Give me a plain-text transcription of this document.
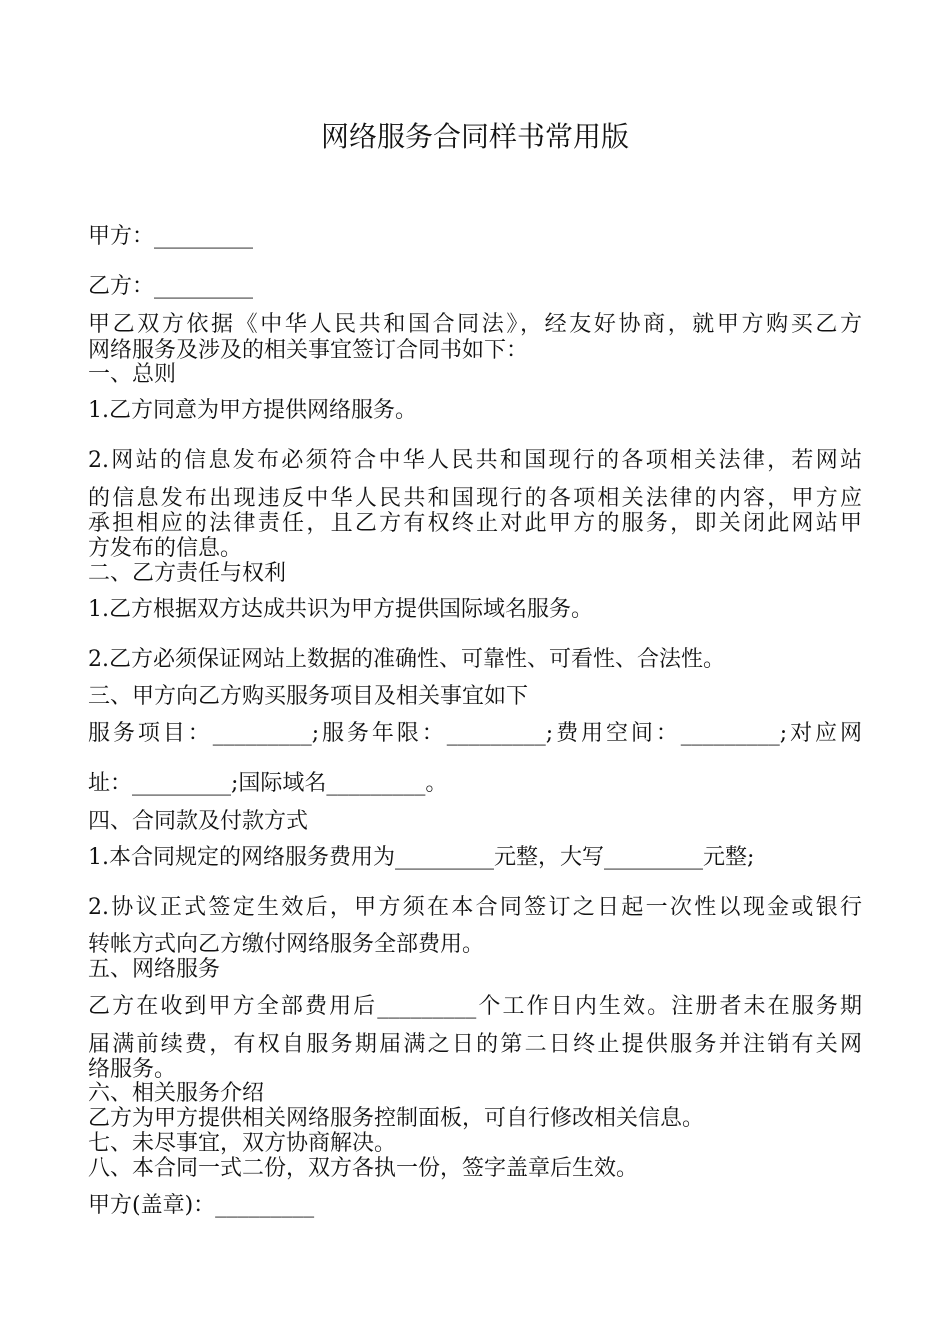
网络服务合同样书常用版
甲方：_________
乙方：_________
甲乙双方依据《中华人民共和国合同法》，经友好协商，就甲方购买乙方
网络服务及涉及的相关事宜签订合同书如下：
一、总则
1.乙方同意为甲方提供网络服务。
2.网站的信息发布必须符合中华人民共和国现行的各项相关法律，若网站
的信息发布出现违反中华人民共和国现行的各项相关法律的内容，甲方应
承担相应的法律责任，且乙方有权终止对此甲方的服务，即关闭此网站甲
方发布的信息。
二、乙方责任与权利
1.乙方根据双方达成共识为甲方提供国际域名服务。
2.乙方必须保证网站上数据的准确性、可靠性、可看性、合法性。
三、甲方向乙方购买服务项目及相关事宜如下
服务项目：_________;服务年限：_________;费用空间：_________;对应网
址：_________;国际域名_________。
四、合同款及付款方式
1.本合同规定的网络服务费用为_________元整，大写_________元整;
2.协议正式签定生效后，甲方须在本合同签订之日起一次性以现金或银行
转帐方式向乙方缴付网络服务全部费用。
五、网络服务
乙方在收到甲方全部费用后_________个工作日内生效。注册者未在服务期
届满前续费，有权自服务期届满之日的第二日终止提供服务并注销有关网
络服务。
六、相关服务介绍
乙方为甲方提供相关网络服务控制面板，可自行修改相关信息。
七、未尽事宜，双方协商解决。
八、本合同一式二份，双方各执一份，签字盖章后生效。
甲方(盖章)：_________
